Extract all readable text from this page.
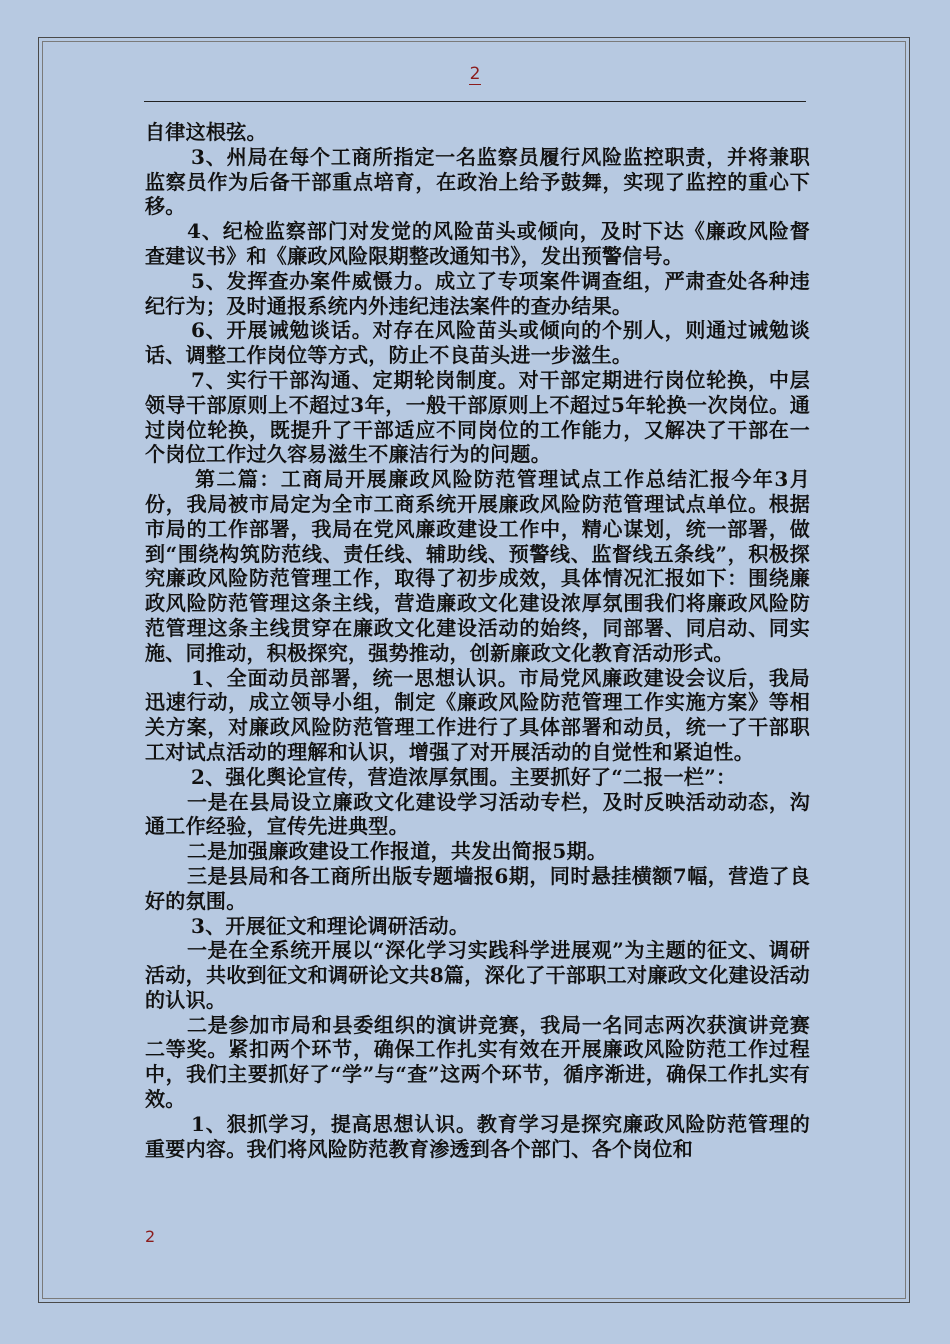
2

自律这根弦。

3、州局在每个工商所指定一名监察员履行风险监控职责，并将兼职监察员作为后备干部重点培育，在政治上给予鼓舞，实现了监控的重心下移。

4、纪检监察部门对发觉的风险苗头或倾向，及时下达《廉政风险督查建议书》和《廉政风险限期整改通知书》，发出预警信号。

5、发挥查办案件威慑力。成立了专项案件调查组，严肃查处各种违纪行为；及时通报系统内外违纪违法案件的查办结果。

6、开展诫勉谈话。对存在风险苗头或倾向的个别人，则通过诫勉谈话、调整工作岗位等方式，防止不良苗头进一步滋生。

7、实行干部沟通、定期轮岗制度。对干部定期进行岗位轮换，中层领导干部原则上不超过3年，一般干部原则上不超过5年轮换一次岗位。通过岗位轮换，既提升了干部适应不同岗位的工作能力，又解决了干部在一个岗位工作过久容易滋生不廉洁行为的问题。

第二篇：工商局开展廉政风险防范管理试点工作总结汇报今年3月份，我局被市局定为全市工商系统开展廉政风险防范管理试点单位。根据市局的工作部署，我局在党风廉政建设工作中，精心谋划，统一部署，做到“围绕构筑防范线、责任线、辅助线、预警线、监督线五条线”，积极探究廉政风险防范管理工作，取得了初步成效，具体情况汇报如下：围绕廉政风险防范管理这条主线，营造廉政文化建设浓厚氛围我们将廉政风险防范管理这条主线贯穿在廉政文化建设活动的始终，同部署、同启动、同实施、同推动，积极探究，强势推动，创新廉政文化教育活动形式。

1、全面动员部署，统一思想认识。市局党风廉政建设会议后，我局迅速行动，成立领导小组，制定《廉政风险防范管理工作实施方案》等相关方案，对廉政风险防范管理工作进行了具体部署和动员，统一了干部职工对试点活动的理解和认识，增强了对开展活动的自觉性和紧迫性。

2、强化舆论宣传，营造浓厚氛围。主要抓好了“二报一栏”：

一是在县局设立廉政文化建设学习活动专栏，及时反映活动动态，沟通工作经验，宣传先进典型。

二是加强廉政建设工作报道，共发出简报5期。

三是县局和各工商所出版专题墙报6期，同时悬挂横额7幅，营造了良好的氛围。

3、开展征文和理论调研活动。

一是在全系统开展以“深化学习实践科学进展观”为主题的征文、调研活动，共收到征文和调研论文共8篇，深化了干部职工对廉政文化建设活动的认识。

二是参加市局和县委组织的演讲竞赛，我局一名同志两次获演讲竞赛二等奖。紧扣两个环节，确保工作扎实有效在开展廉政风险防范工作过程中，我们主要抓好了“学”与“查”这两个环节，循序渐进，确保工作扎实有效。

1、狠抓学习，提高思想认识。教育学习是探究廉政风险防范管理的重要内容。我们将风险防范教育渗透到各个部门、各个岗位和

2
